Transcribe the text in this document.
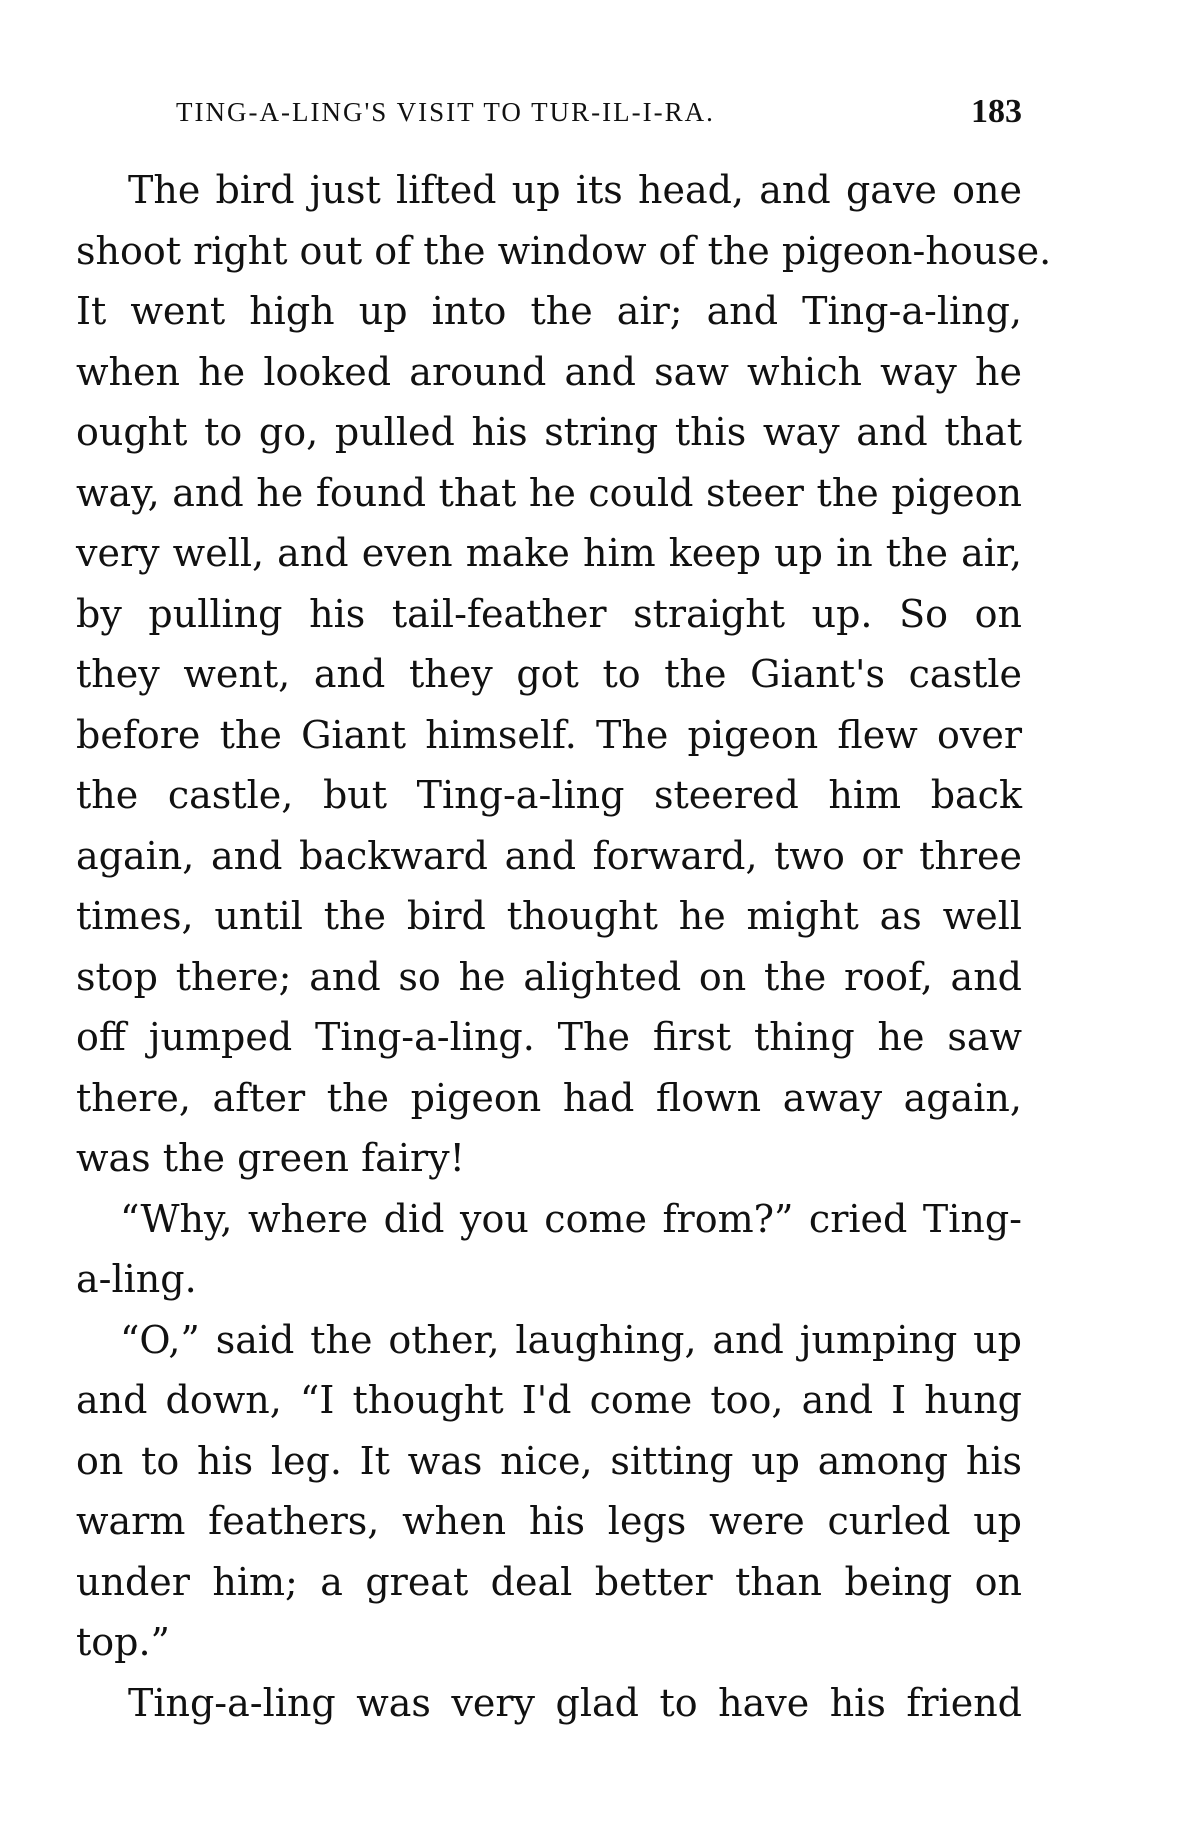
TING-A-LING'S VISIT TO TUR-IL-I-RA.	183
The bird just lifted up its head, and gave one
shoot right out of the window of the pigeon-house.
It went high up into the air; and Ting-a-ling,
when he looked around and saw which way he
ought to go, pulled his string this way and that
way, and he found that he could steer the pigeon
very well, and even make him keep up in the air,
by pulling his tail-feather straight up. So on
they went, and they got to the Giant's castle
before the Giant himself. The pigeon flew over
the castle, but Ting-a-ling steered him back
again, and backward and forward, two or three
times, until the bird thought he might as well
stop there; and so he alighted on the roof, and
off jumped Ting-a-ling. The first thing he saw
there, after the pigeon had flown away again,
was the green fairy!
“Why, where did you come from?” cried Ting-
a-ling.
“O,” said the other, laughing, and jumping up
and down, “I thought I'd come too, and I hung
on to his leg. It was nice, sitting up among his
warm feathers, when his legs were curled up
under him; a great deal better than being on
top.”
Ting-a-ling was very glad to have his friend
